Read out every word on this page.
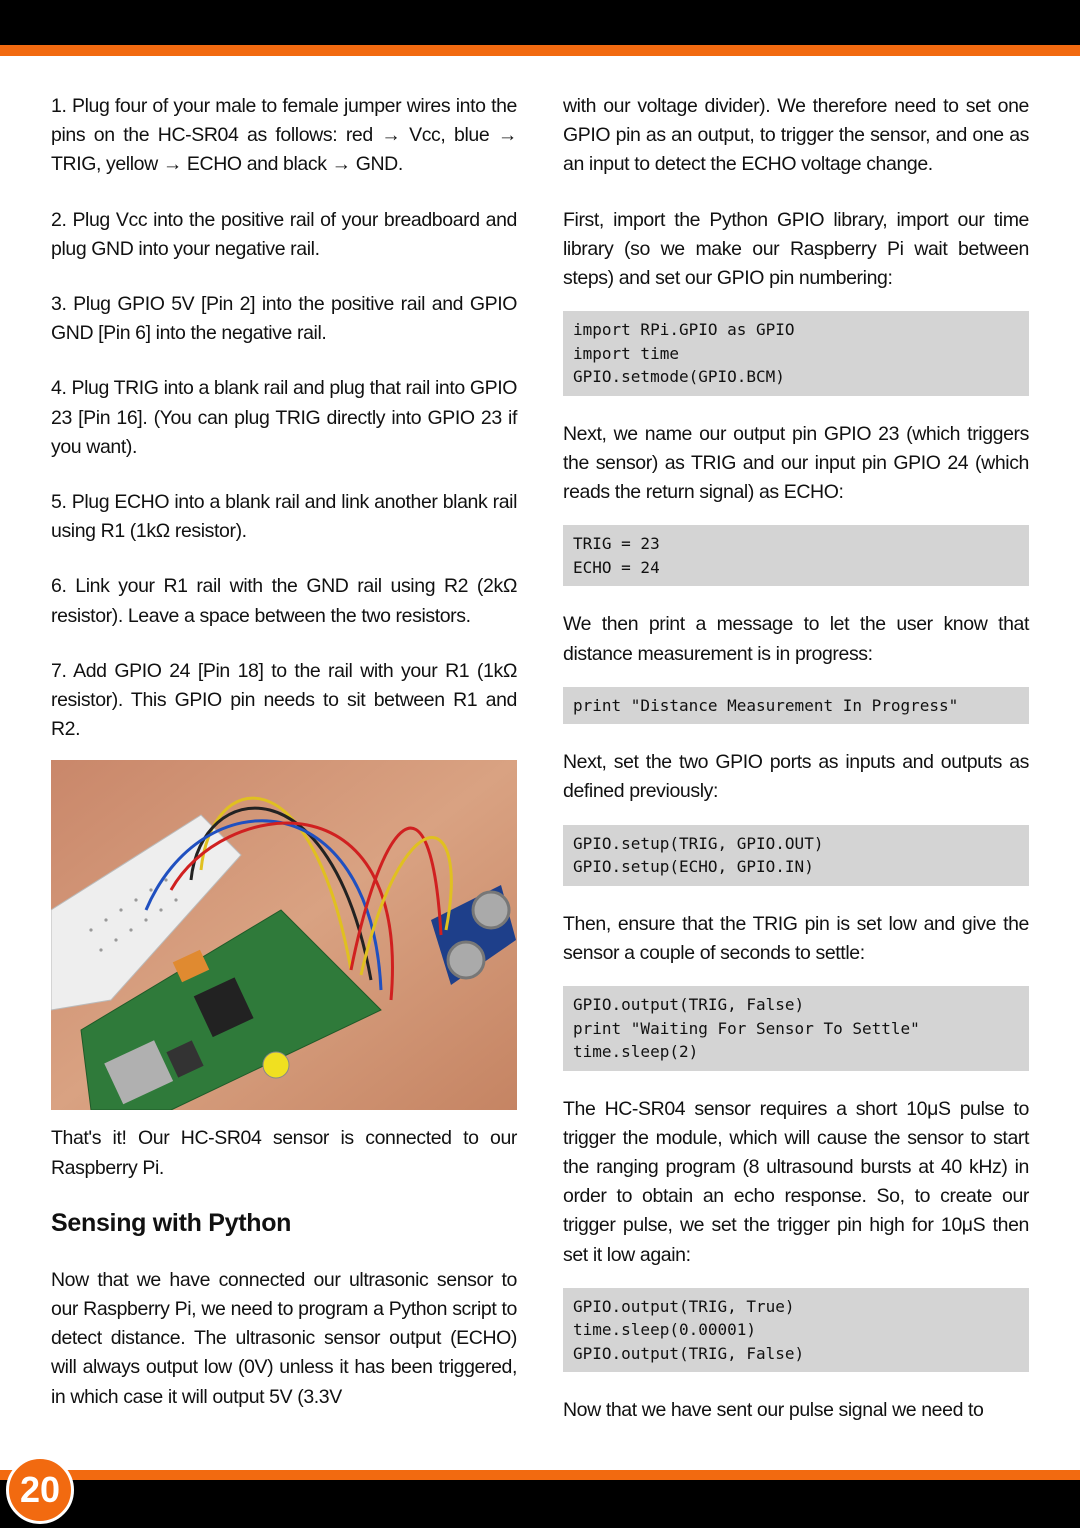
1. Plug four of your male to female jumper wires into the pins on the HC-SR04 as follows: red → Vcc, blue → TRIG, yellow → ECHO and black → GND.

2. Plug Vcc into the positive rail of your breadboard and plug GND into your negative rail.

3. Plug GPIO 5V [Pin 2] into the positive rail and GPIO GND [Pin 6] into the negative rail.

4. Plug TRIG into a blank rail and plug that rail into GPIO 23 [Pin 16]. (You can plug TRIG directly into GPIO 23 if you want).

5. Plug ECHO into a blank rail and link another blank rail using R1 (1kΩ resistor).

6. Link your R1 rail with the GND rail using R2 (2kΩ resistor). Leave a space between the two resistors.

7. Add GPIO 24 [Pin 18] to the rail with your R1 (1kΩ resistor). This GPIO pin needs to sit between R1 and R2.

That's it! Our HC-SR04 sensor is connected to our Raspberry Pi.

Sensing with Python

Now that we have connected our ultrasonic sensor to our Raspberry Pi, we need to program a Python script to detect distance. The ultrasonic sensor output (ECHO) will always output low (0V) unless it has been triggered, in which case it will output 5V (3.3V

with our voltage divider). We therefore need to set one GPIO pin as an output, to trigger the sensor, and one as an input to detect the ECHO voltage change.

First, import the Python GPIO library, import our time library (so we make our Raspberry Pi wait between steps) and set our GPIO pin numbering:

import RPi.GPIO as GPIO
import time
GPIO.setmode(GPIO.BCM)

Next, we name our output pin GPIO 23 (which triggers the sensor) as TRIG and our input pin GPIO 24 (which reads the return signal) as ECHO:

TRIG = 23
ECHO = 24

We then print a message to let the user know that distance measurement is in progress:

print "Distance Measurement In Progress"

Next, set the two GPIO ports as inputs and outputs as defined previously:

GPIO.setup(TRIG, GPIO.OUT)
GPIO.setup(ECHO, GPIO.IN)

Then, ensure that the TRIG pin is set low and give the sensor a couple of seconds to settle:

GPIO.output(TRIG, False)
print "Waiting For Sensor To Settle"
time.sleep(2)

The HC-SR04 sensor requires a short 10μS pulse to trigger the module, which will cause the sensor to start the ranging program (8 ultrasound bursts at 40 kHz) in order to obtain an echo response. So, to create our trigger pulse, we set the trigger pin high for 10μS then set it low again:

GPIO.output(TRIG, True)
time.sleep(0.00001)
GPIO.output(TRIG, False)

Now that we have sent our pulse signal we need to

20
